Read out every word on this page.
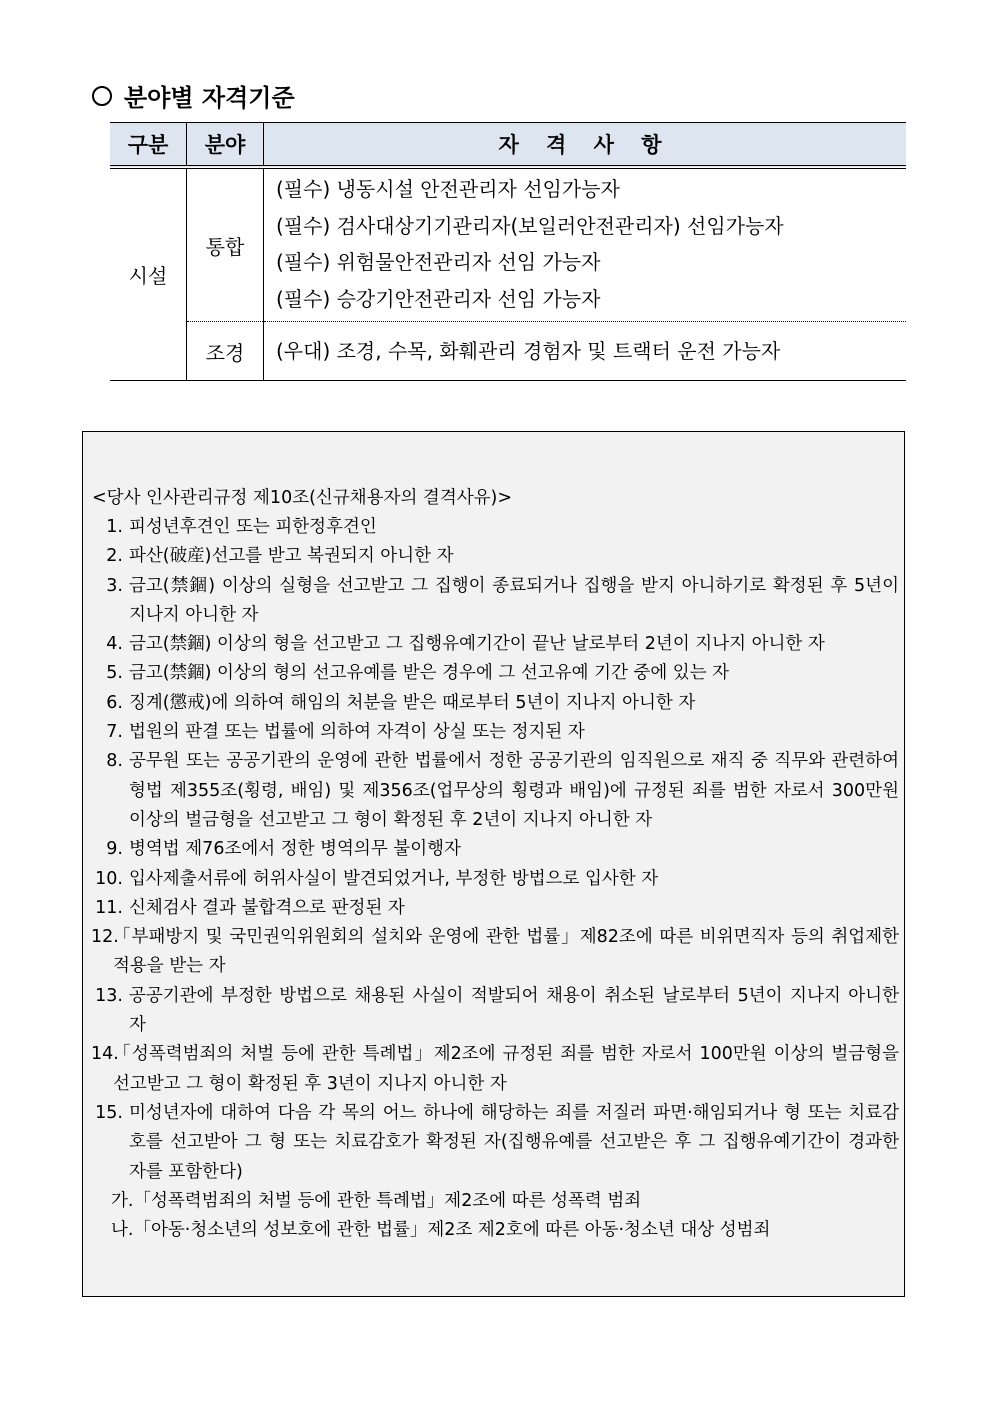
분야별 자격기준
구분	분야	자 격 사 항
시설	통합	(필수) 냉동시설 안전관리자 선임가능자
(필수) 검사대상기기관리자(보일러안전관리자) 선임가능자
(필수) 위험물안전관리자 선임 가능자
(필수) 승강기안전관리자 선임 가능자

	조경	(우대) 조경, 수목, 화훼관리 경험자 및 트랙터 운전 가능자
<당사 인사관리규정 제10조(신규채용자의 결격사유)>
1. 피성년후견인 또는 피한정후견인
2. 파산(破産)선고를 받고 복권되지 아니한 자
3. 금고(禁錮) 이상의 실형을 선고받고 그 집행이 종료되거나 집행을 받지 아니하기로 확정된 후 5년이 지나지 아니한 자
4. 금고(禁錮) 이상의 형을 선고받고 그 집행유예기간이 끝난 날로부터 2년이 지나지 아니한 자
5. 금고(禁錮) 이상의 형의 선고유예를 받은 경우에 그 선고유예 기간 중에 있는 자
6. 징계(懲戒)에 의하여 해임의 처분을 받은 때로부터 5년이 지나지 아니한 자
7. 법원의 판결 또는 법률에 의하여 자격이 상실 또는 정지된 자
8. 공무원 또는 공공기관의 운영에 관한 법률에서 정한 공공기관의 임직원으로 재직 중 직무와 관련하여 형법 제355조(횡령, 배임) 및 제356조(업무상의 횡령과 배임)에 규정된 죄를 범한 자로서 300만원 이상의 벌금형을 선고받고 그 형이 확정된 후 2년이 지나지 아니한 자
9. 병역법 제76조에서 정한 병역의무 불이행자
10. 입사제출서류에 허위사실이 발견되었거나, 부정한 방법으로 입사한 자
11. 신체검사 결과 불합격으로 판정된 자
12.
「부패방지 및 국민권익위원회의 설치와 운영에 관한 법률」제82조에 따른 비위면직자 등의 취업제한 적용을 받는 자
13. 공공기관에 부정한 방법으로 채용된 사실이 적발되어 채용이 취소된 날로부터 5년이 지나지 아니한 자
14.
「성폭력범죄의 처벌 등에 관한 특례법」제2조에 규정된 죄를 범한 자로서 100만원 이상의 벌금형을 선고받고 그 형이 확정된 후 3년이 지나지 아니한 자
15. 미성년자에 대하여 다음 각 목의 어느 하나에 해당하는 죄를 저질러 파면·해임되거나 형 또는 치료감호를 선고받아 그 형 또는 치료감호가 확정된 자(집행유예를 선고받은 후 그 집행유예기간이 경과한 자를 포함한다)
가.「성폭력범죄의 처벌 등에 관한 특례법」제2조에 따른 성폭력 범죄
나.「아동·청소년의 성보호에 관한 법률」제2조 제2호에 따른 아동·청소년 대상 성범죄
